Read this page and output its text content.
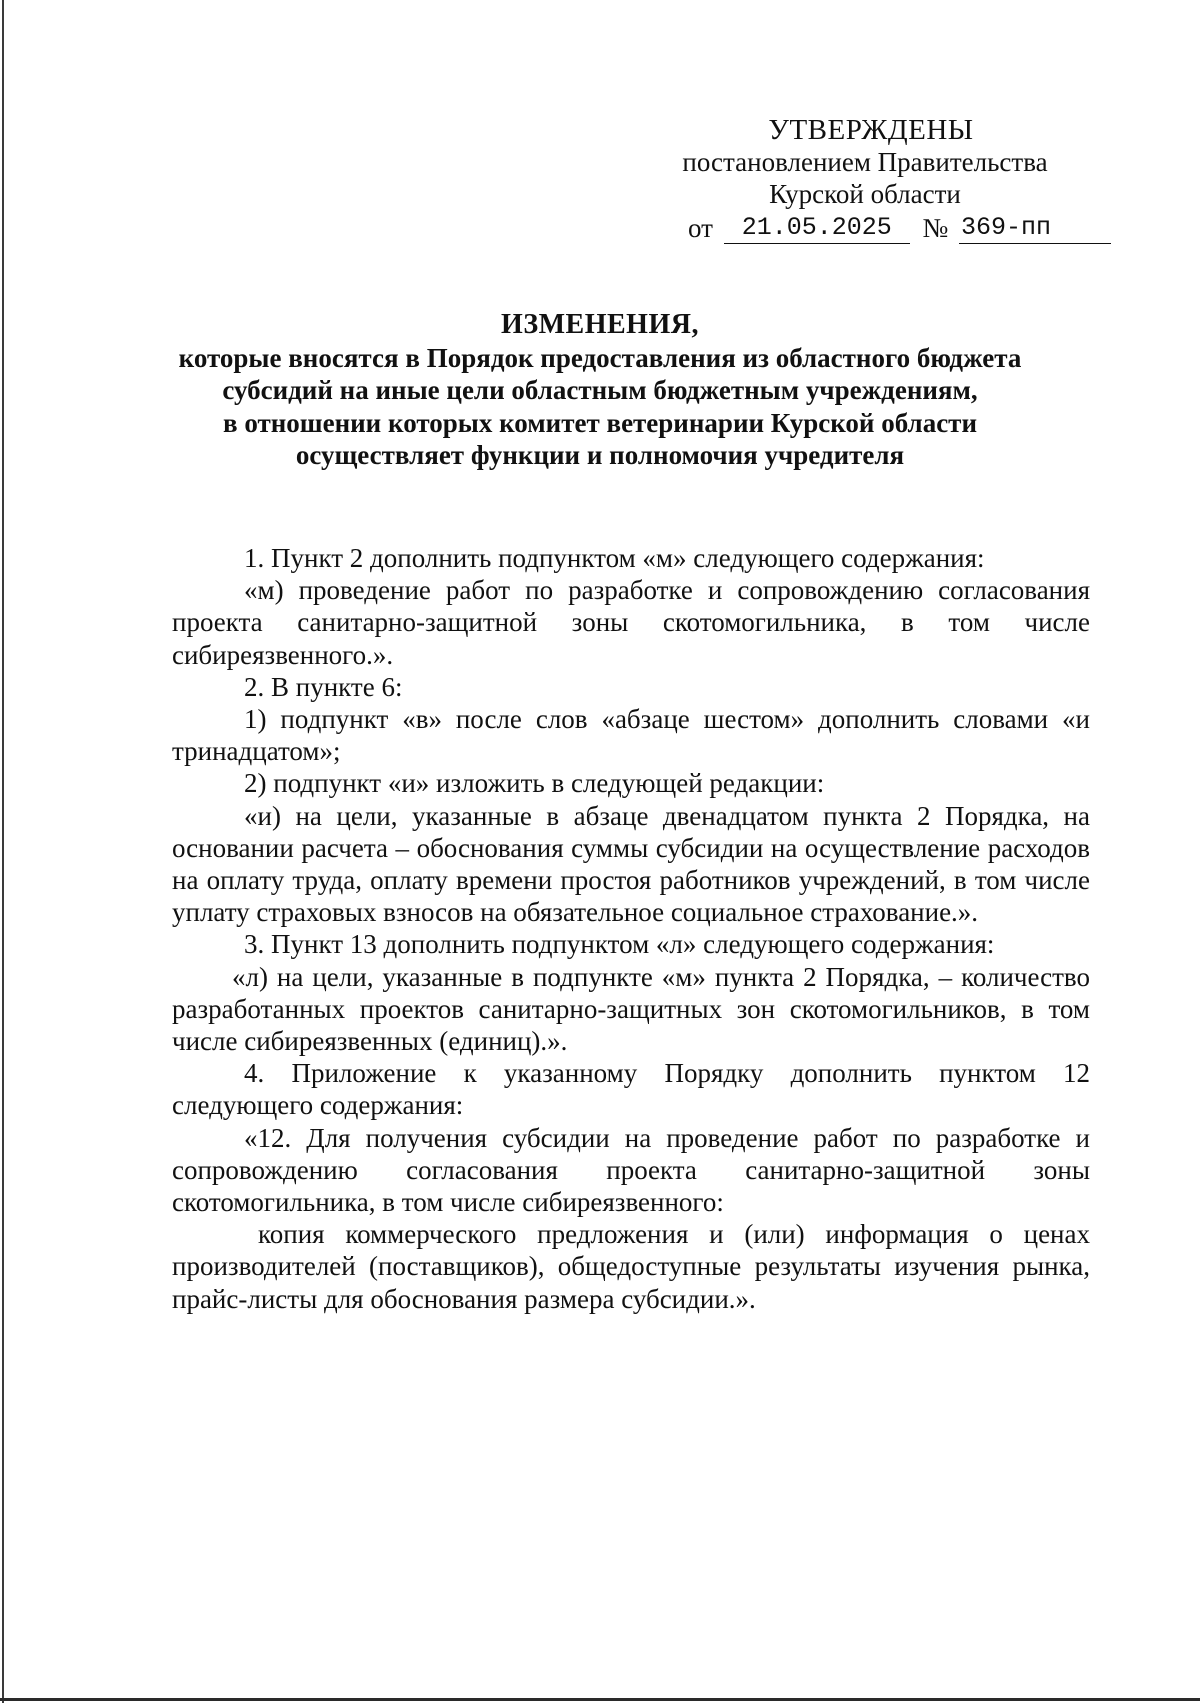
УТВЕРЖДЕНЫ
постановлением Правительства
Курской области
от 21.05.2025 № 369-пп
ИЗМЕНЕНИЯ,
которые вносятся в Порядок предоставления из областного бюджета
субсидий на иные цели областным бюджетным учреждениям,
в отношении которых комитет ветеринарии Курской области
осуществляет функции и полномочия учредителя

1. Пункт 2 дополнить подпунктом «м» следующего содержания:

«м) проведение работ по разработке и сопровождению согласования проекта санитарно-защитной зоны скотомогильника, в том числе сибиреязвенного.».

2. В пункте 6:

1) подпункт «в» после слов «абзаце шестом» дополнить словами «и тринадцатом»;

2) подпункт «и» изложить в следующей редакции:

«и) на цели, указанные в абзаце двенадцатом пункта 2 Порядка, на основании расчета – обоснования суммы субсидии на осуществление расходов на оплату труда, оплату времени простоя работников учреждений, в том числе уплату страховых взносов на обязательное социальное страхование.».

3. Пункт 13 дополнить подпунктом «л» следующего содержания:

«л) на цели, указанные в подпункте «м» пункта 2 Порядка, – количество разработанных проектов санитарно-защитных зон скотомогильников, в том числе сибиреязвенных (единиц).».

4. Приложение к указанному Порядку дополнить пунктом 12 следующего содержания:

«12. Для получения субсидии на проведение работ по разработке и сопровождению согласования проекта санитарно-защитной зоны скотомогильника, в том числе сибиреязвенного:

копия коммерческого предложения и (или) информация о ценах производителей (поставщиков), общедоступные результаты изучения рынка, прайс-листы для обоснования размера субсидии.».
